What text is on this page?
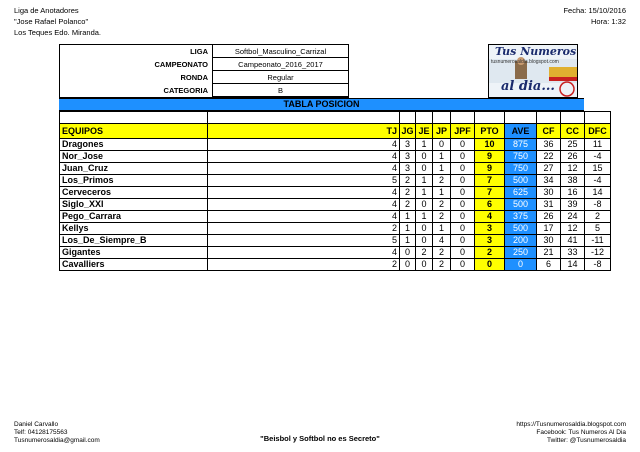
Liga de Anotadores
"Jose Rafael Polanco"
Los Teques Edo. Miranda.
Fecha: 15/10/2016
Hora: 1:32
LIGA	Softbol_Masculino_Carrizal
CAMPEONATO	Campeonato_2016_2017
RONDA	Regular
CATEGORIA	B
Tus Numeros
tusnumerosaldia.blogspot.com
al dia...
TABLA POSICION

EQUIPOS	TJ	JG	JE	JP	JPF	PTO	AVE	CF	CC	DFC
Dragones	4	3	1	0	0	10	875	36	25	11
Nor_Jose	4	3	0	1	0	9	750	22	26	-4
Juan_Cruz	4	3	0	1	0	9	750	27	12	15
Los_Primos	5	2	1	2	0	7	500	34	38	-4
Cerveceros	4	2	1	1	0	7	625	30	16	14
Siglo_XXI	4	2	0	2	0	6	500	31	39	-8
Pego_Carrara	4	1	1	2	0	4	375	26	24	2
Kellys	2	1	0	1	0	3	500	17	12	5
Los_De_Siempre_B	5	1	0	4	0	3	200	30	41	-11
Gigantes	4	0	2	2	0	2	250	21	33	-12
Cavalliers	2	0	0	2	0	0	0	6	14	-8
Daniel Carvallo
Telf: 04128175563
Tusnumerosaldia@gmail.com	"Beisbol y Softbol no es Secreto"
https://Tusnumerosaldia.blogspot.com
Facebook: Tus Numeros Al Dia
Twitter: @Tusnumerosaldia
